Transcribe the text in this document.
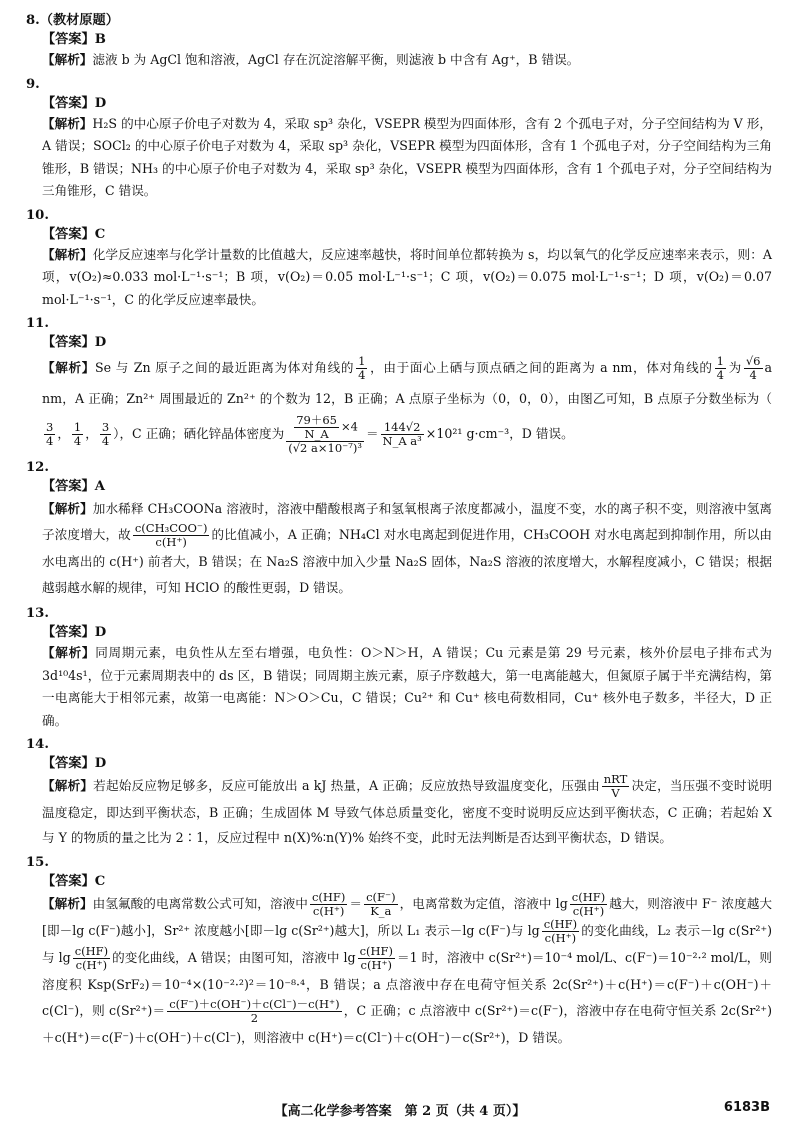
8.（教材原题）
【答案】B
【解析】滤液 b 为 AgCl 饱和溶液，AgCl 存在沉淀溶解平衡，则滤液 b 中含有 Ag⁺，B 错误。
9.
【答案】D
【解析】H₂S 的中心原子价电子对数为 4，采取 sp³ 杂化，VSEPR 模型为四面体形，含有 2 个孤电子对，分子空间结构为 V 形，A 错误；SOCl₂ 的中心原子价电子对数为 4，采取 sp³ 杂化，VSEPR 模型为四面体形，含有 1 个孤电子对，分子空间结构为三角锥形，B 错误；NH₃ 的中心原子价电子对数为 4，采取 sp³ 杂化，VSEPR 模型为四面体形，含有 1 个孤电子对，分子空间结构为三角锥形，C 错误。
10.
【答案】C
【解析】化学反应速率与化学计量数的比值越大，反应速率越快，将时间单位都转换为 s，均以氧气的化学反应速率来表示，则：A 项，v(O₂)≈0.033 mol·L⁻¹·s⁻¹；B 项，v(O₂)＝0.05 mol·L⁻¹·s⁻¹；C 项，v(O₂)＝0.075 mol·L⁻¹·s⁻¹；D 项，v(O₂)＝0.07 mol·L⁻¹·s⁻¹，C 的化学反应速率最快。
11.
【答案】D
【解析】Se 与 Zn 原子之间的最近距离为体对角线的 $\frac{1}{4}$ ，由于面心上硒与顶点硒之间的距离为 a nm，体对角线的 $\frac{1}{4}$ 为 $\frac{√6}{4}$ a nm，A 正确；Zn²⁺ 周围最近的 Zn²⁺ 的个数为 12，B 正确；A 点原子坐标为（0，0，0），由图乙可知，B 点原子分数坐标为（
$\frac{3}{4}$ ， $\frac{1}{4}$ ， $\frac{3}{4}$ ），C 正确；硒化锌晶体密度为 $\frac{\frac{79+65}{N\_A} \times 4}{\text{(√2 a×10⁻⁷)³}} = \frac{144√2}{\text{N\_A a³}} \times 10^{21}$ g·cm⁻³，D 错误。
12.
【答案】A
【解析】加水稀释 CH₃COONa 溶液时，溶液中醋酸根离子和氢氧根离子浓度都减小，温度不变，水的离子积不变，则溶液中氢离子浓度增大，故 $\frac{\text{c(CH₃COO⁻)}}{c(H^+)}$ 的比值减小，A 正确；NH₄Cl 对水电离起到促进作用，CH₃COOH 对水电离起到抑制作用，所以由水电离出的 c(H⁺) 前者大，B 错误；在 Na₂S 溶液中加入少量 Na₂S 固体，Na₂S 溶液的浓度增大，水解程度减小，C 错误；根据越弱越水解的规律，可知 HClO 的酸性更弱，D 错误。
13.
【答案】D
【解析】同周期元素，电负性从左至右增强，电负性：O＞N＞H，A 错误；Cu 元素是第 29 号元素，核外价层电子排布式为 3d¹⁰4s¹，位于元素周期表中的 ds 区，B 错误；同周期主族元素，原子序数越大，第一电离能越大，但氮原子属于半充满结构，第一电离能大于相邻元素，故第一电离能：N＞O＞Cu，C 错误；Cu²⁺ 和 Cu⁺ 核电荷数相同，Cu⁺ 核外电子数多，半径大，D 正确。
14.
【答案】D
【解析】若起始反应物足够多，反应可能放出 a kJ 热量，A 正确；反应放热导致温度变化，压强由 $\frac{\text{nRT}}{V}$ 决定，当压强不变时说明温度稳定，即达到平衡状态，B 正确；生成固体 M 导致气体总质量变化，密度不变时说明反应达到平衡状态，C 正确；若起始 X 与 Y 的物质的量之比为 2∶1，反应过程中 n(X)%∶n(Y)% 始终不变，此时无法判断是否达到平衡状态，D 错误。
15.
【答案】C
【解析】由氢氟酸的电离常数公式可知，溶液中 $\frac{c(HF)}{c(H^+)} = \frac{c(F^-)}{K\_a}$ ，电离常数为定值，溶液中 $\lg \frac{c(HF)}{c(H^+)}$ 越大，则溶液中 F⁻ 浓度越大[即－lg c(F⁻)越小]，Sr²⁺ 浓度越小[即－lg c(Sr²⁺)越大]，所以 L₁ 表示－lg c(F⁻)与 $\lg \frac{c(HF)}{c(H^+)}$ 的变化曲线，L₂ 表示－lg c(Sr²⁺)与 $\lg \frac{c(HF)}{c(H^+)}$ 的变化曲线，A 错误；由图可知，溶液中 $\lg \frac{c(HF)}{c(H^+)} =1$ 时，溶液中 c(Sr²⁺)＝10⁻⁴ mol/L、c(F⁻)＝10⁻²·² mol/L，则溶度积 Ksp(SrF₂)＝10⁻⁴×(10⁻²·²)²＝10⁻⁸·⁴，B 错误；a 点溶液中存在电荷守恒关系 2c(Sr²⁺)＋c(H⁺)＝c(F⁻)＋c(OH⁻)＋c(Cl⁻)，则 $c(Sr^{2+})= \frac{c(F^-)+c(OH^-)+c(Cl^-)-c(H^+)}{2}$ ，C 正确；c 点溶液中 c(Sr²⁺)＝c(F⁻)，溶液中存在电荷守恒关系 2c(Sr²⁺)＋c(H⁺)＝c(F⁻)＋c(OH⁻)＋c(Cl⁻)，则溶液中 c(H⁺)＝c(Cl⁻)＋c(OH⁻)－c(Sr²⁺)，D 错误。
【高二化学参考答案　第 2 页（共 4 页）】	6183B
